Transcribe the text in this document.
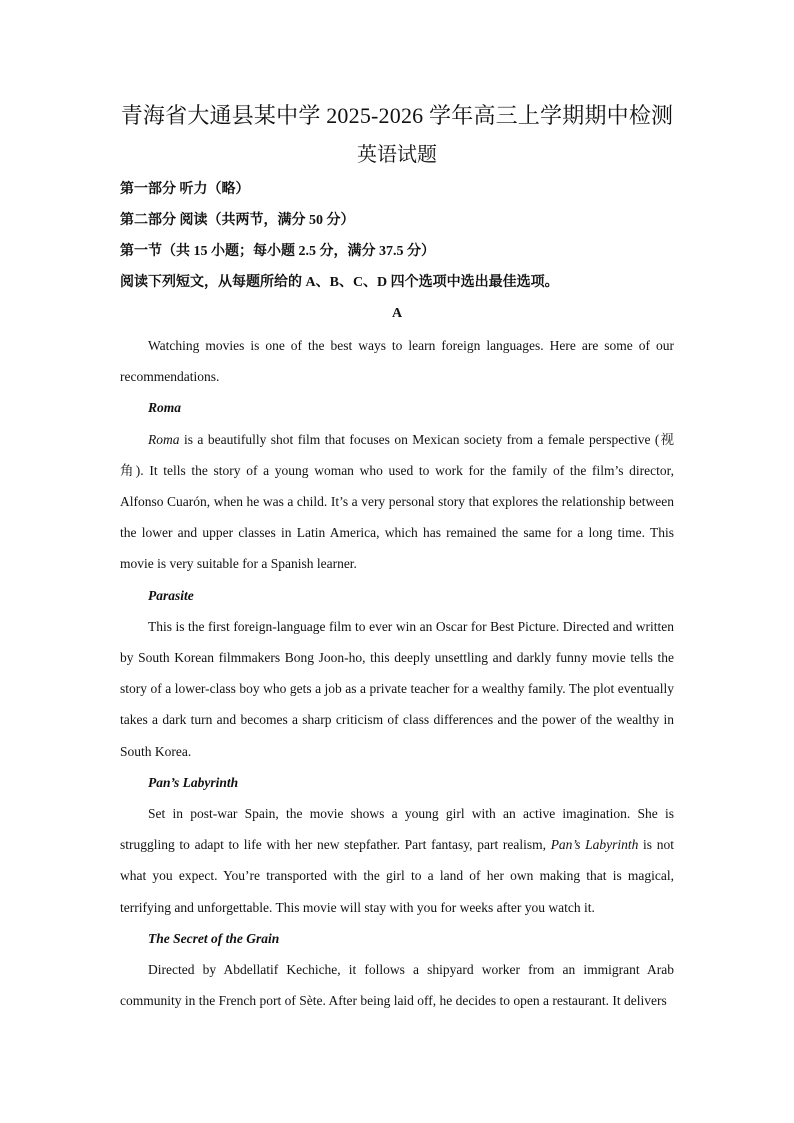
青海省大通县某中学 2025-2026 学年高三上学期期中检测
英语试题

第一部分 听力（略）

第二部分 阅读（共两节，满分 50 分）

第一节（共 15 小题；每小题 2.5 分，满分 37.5 分）

阅读下列短文，从每题所给的 A、B、C、D 四个选项中选出最佳选项。

A

Watching movies is one of the best ways to learn foreign languages. Here are some of our recommendations.

Roma

Roma is a beautifully shot film that focuses on Mexican society from a female perspective (视角). It tells the story of a young woman who used to work for the family of the film’s director, Alfonso Cuarón, when he was a child. It’s a very personal story that explores the relationship between the lower and upper classes in Latin America, which has remained the same for a long time. This movie is very suitable for a Spanish learner.

Parasite

This is the first foreign-language film to ever win an Oscar for Best Picture. Directed and written by South Korean filmmakers Bong Joon-ho, this deeply unsettling and darkly funny movie tells the story of a lower-class boy who gets a job as a private teacher for a wealthy family. The plot eventually takes a dark turn and becomes a sharp criticism of class differences and the power of the wealthy in South Korea.

Pan’s Labyrinth

Set in post-war Spain, the movie shows a young girl with an active imagination. She is struggling to adapt to life with her new stepfather. Part fantasy, part realism, Pan’s Labyrinth is not what you expect. You’re transported with the girl to a land of her own making that is magical, terrifying and unforgettable. This movie will stay with you for weeks after you watch it.

The Secret of the Grain

Directed by Abdellatif Kechiche, it follows a shipyard worker from an immigrant Arab community in the French port of Sète. After being laid off, he decides to open a restaurant. It delivers
